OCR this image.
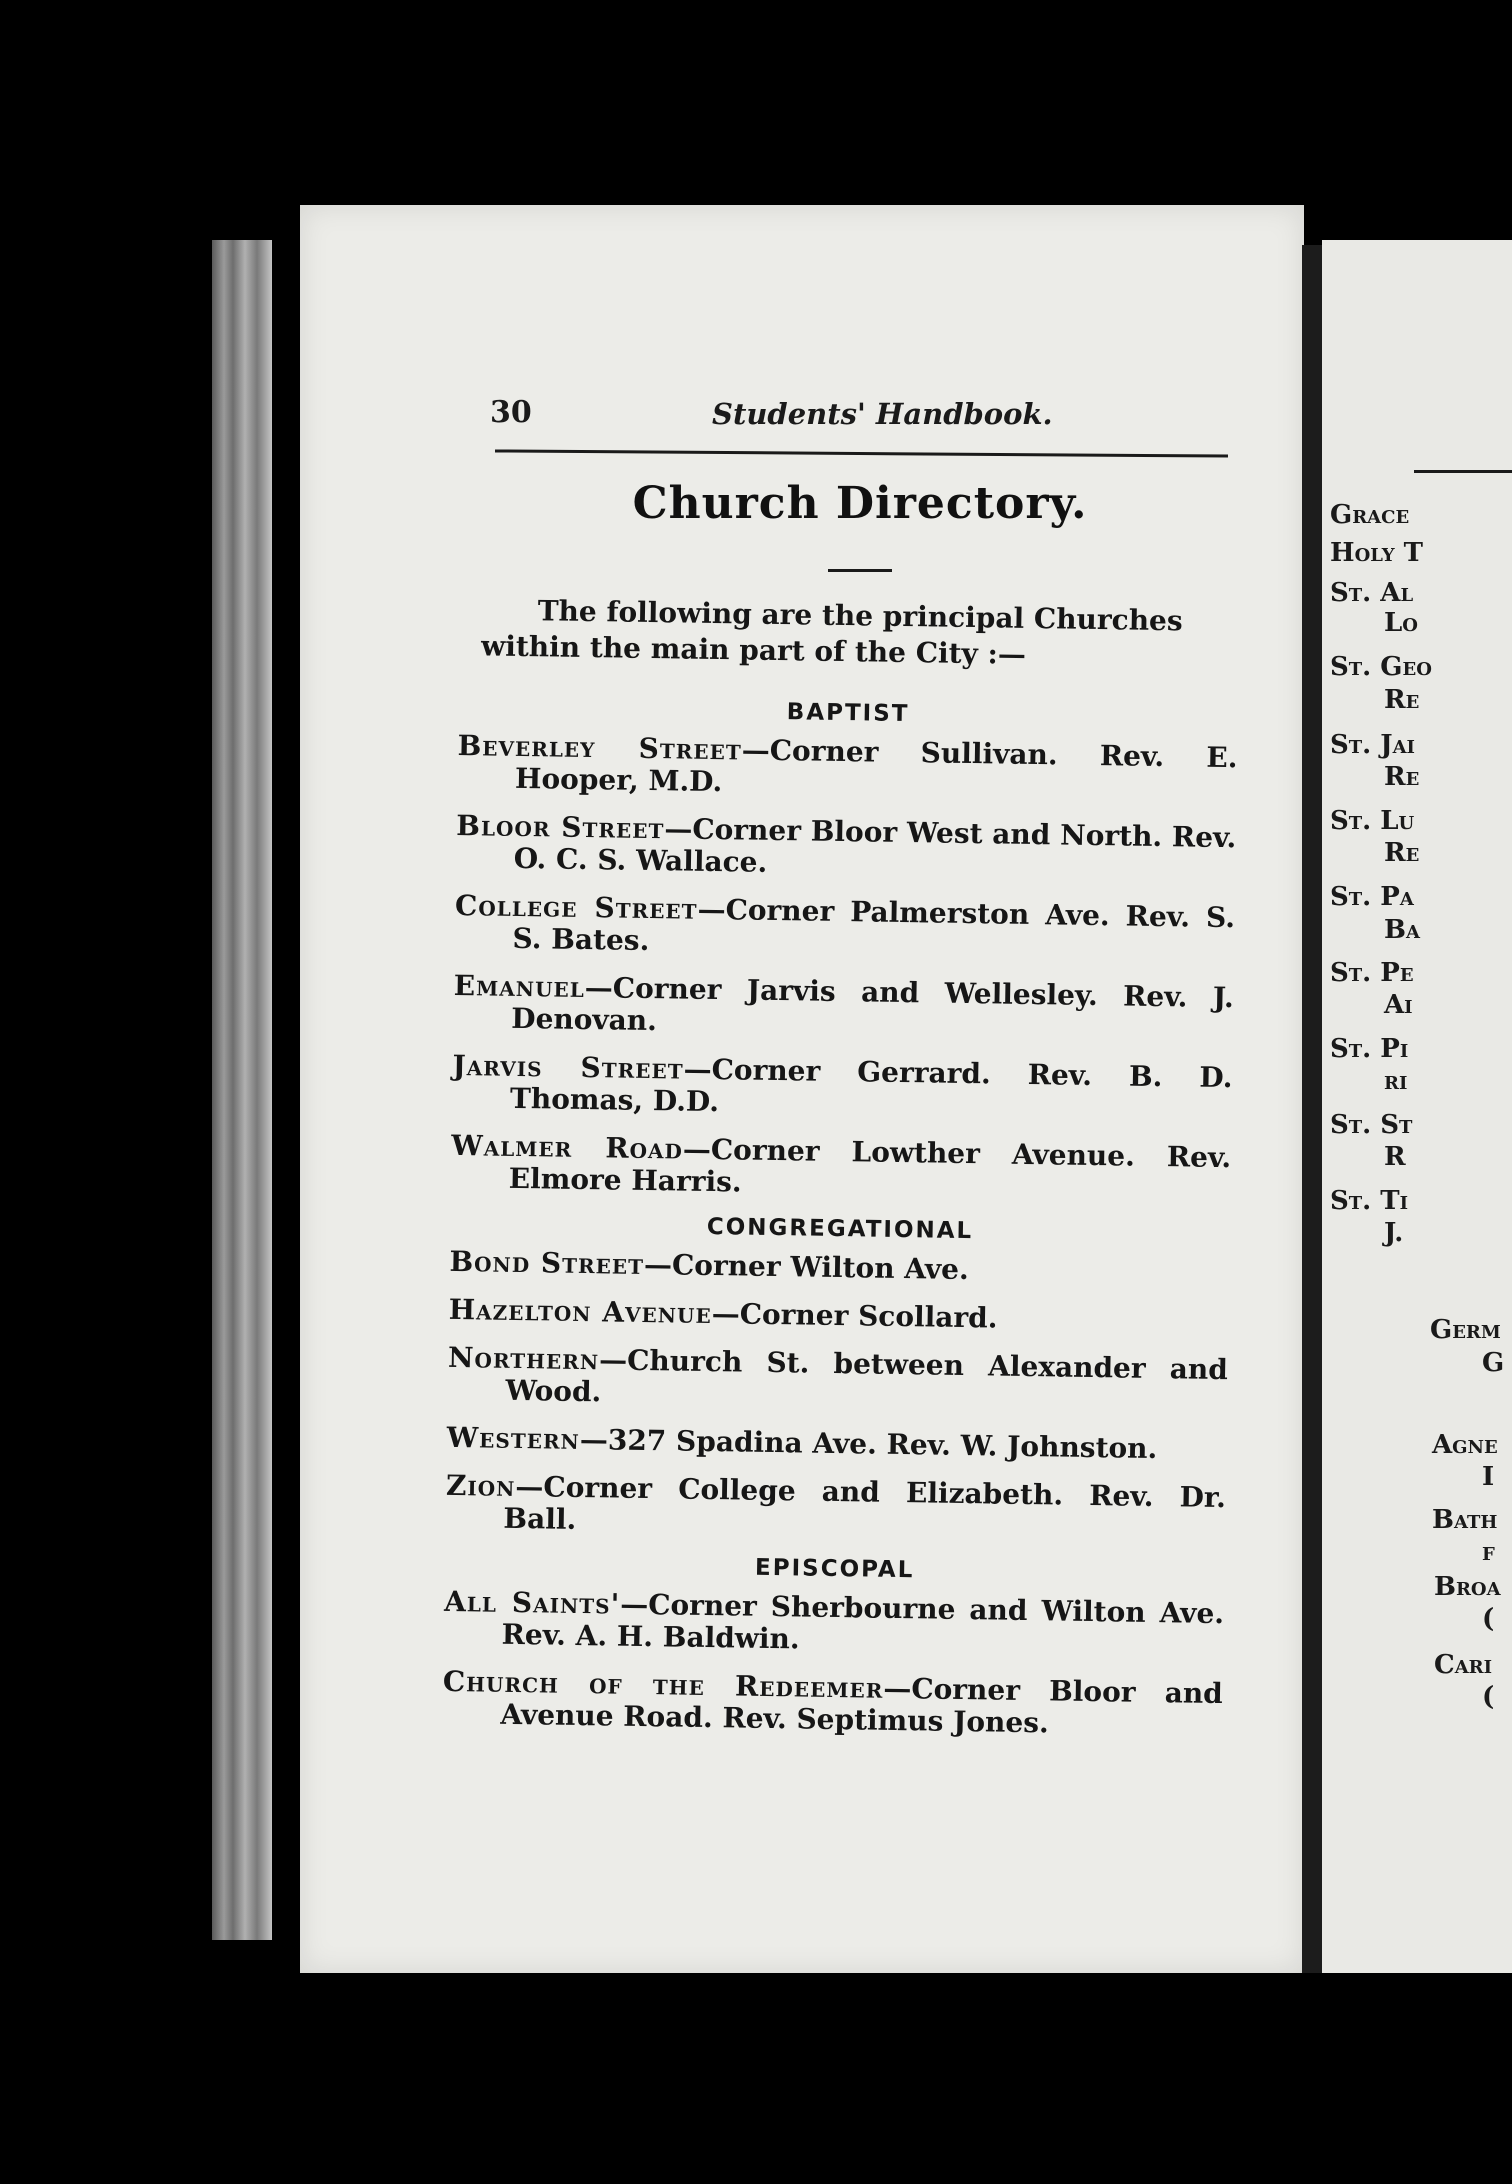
Grace
Holy T
St. Al
Lo
St. Geo
Re
St. Jai
Re
St. Lu
Re
St. Pa
Ba
St. Pe
Ai
St. Pi
ri
St. St
R
St. Ti
J.
Germ
G
Agne
I
Bath
f
Broa
(
Cari
(
30	Students' Handbook.
Church Directory.

The following are the principal Churches within the main part of the City :—

BAPTIST

Beverley Street—Corner Sullivan. Rev. E. Hooper, M.D.

Bloor Street—Corner Bloor West and North. Rev. O. C. S. Wallace.

College Street—Corner Palmerston Ave. Rev. S. S. Bates.

Emanuel—Corner Jarvis and Wellesley. Rev. J. Denovan.

Jarvis Street—Corner Gerrard. Rev. B. D. Thomas, D.D.

Walmer Road—Corner Lowther Avenue. Rev. Elmore Harris.

CONGREGATIONAL

Bond Street—Corner Wilton Ave.

Hazelton Avenue—Corner Scollard.

Northern—Church St. between Alexander and Wood.

Western—327 Spadina Ave. Rev. W. Johnston.

Zion—Corner College and Elizabeth. Rev. Dr. Ball.

EPISCOPAL

All Saints'—Corner Sherbourne and Wilton Ave. Rev. A. H. Baldwin.

Church of the Redeemer—Corner Bloor and Avenue Road. Rev. Septimus Jones.
